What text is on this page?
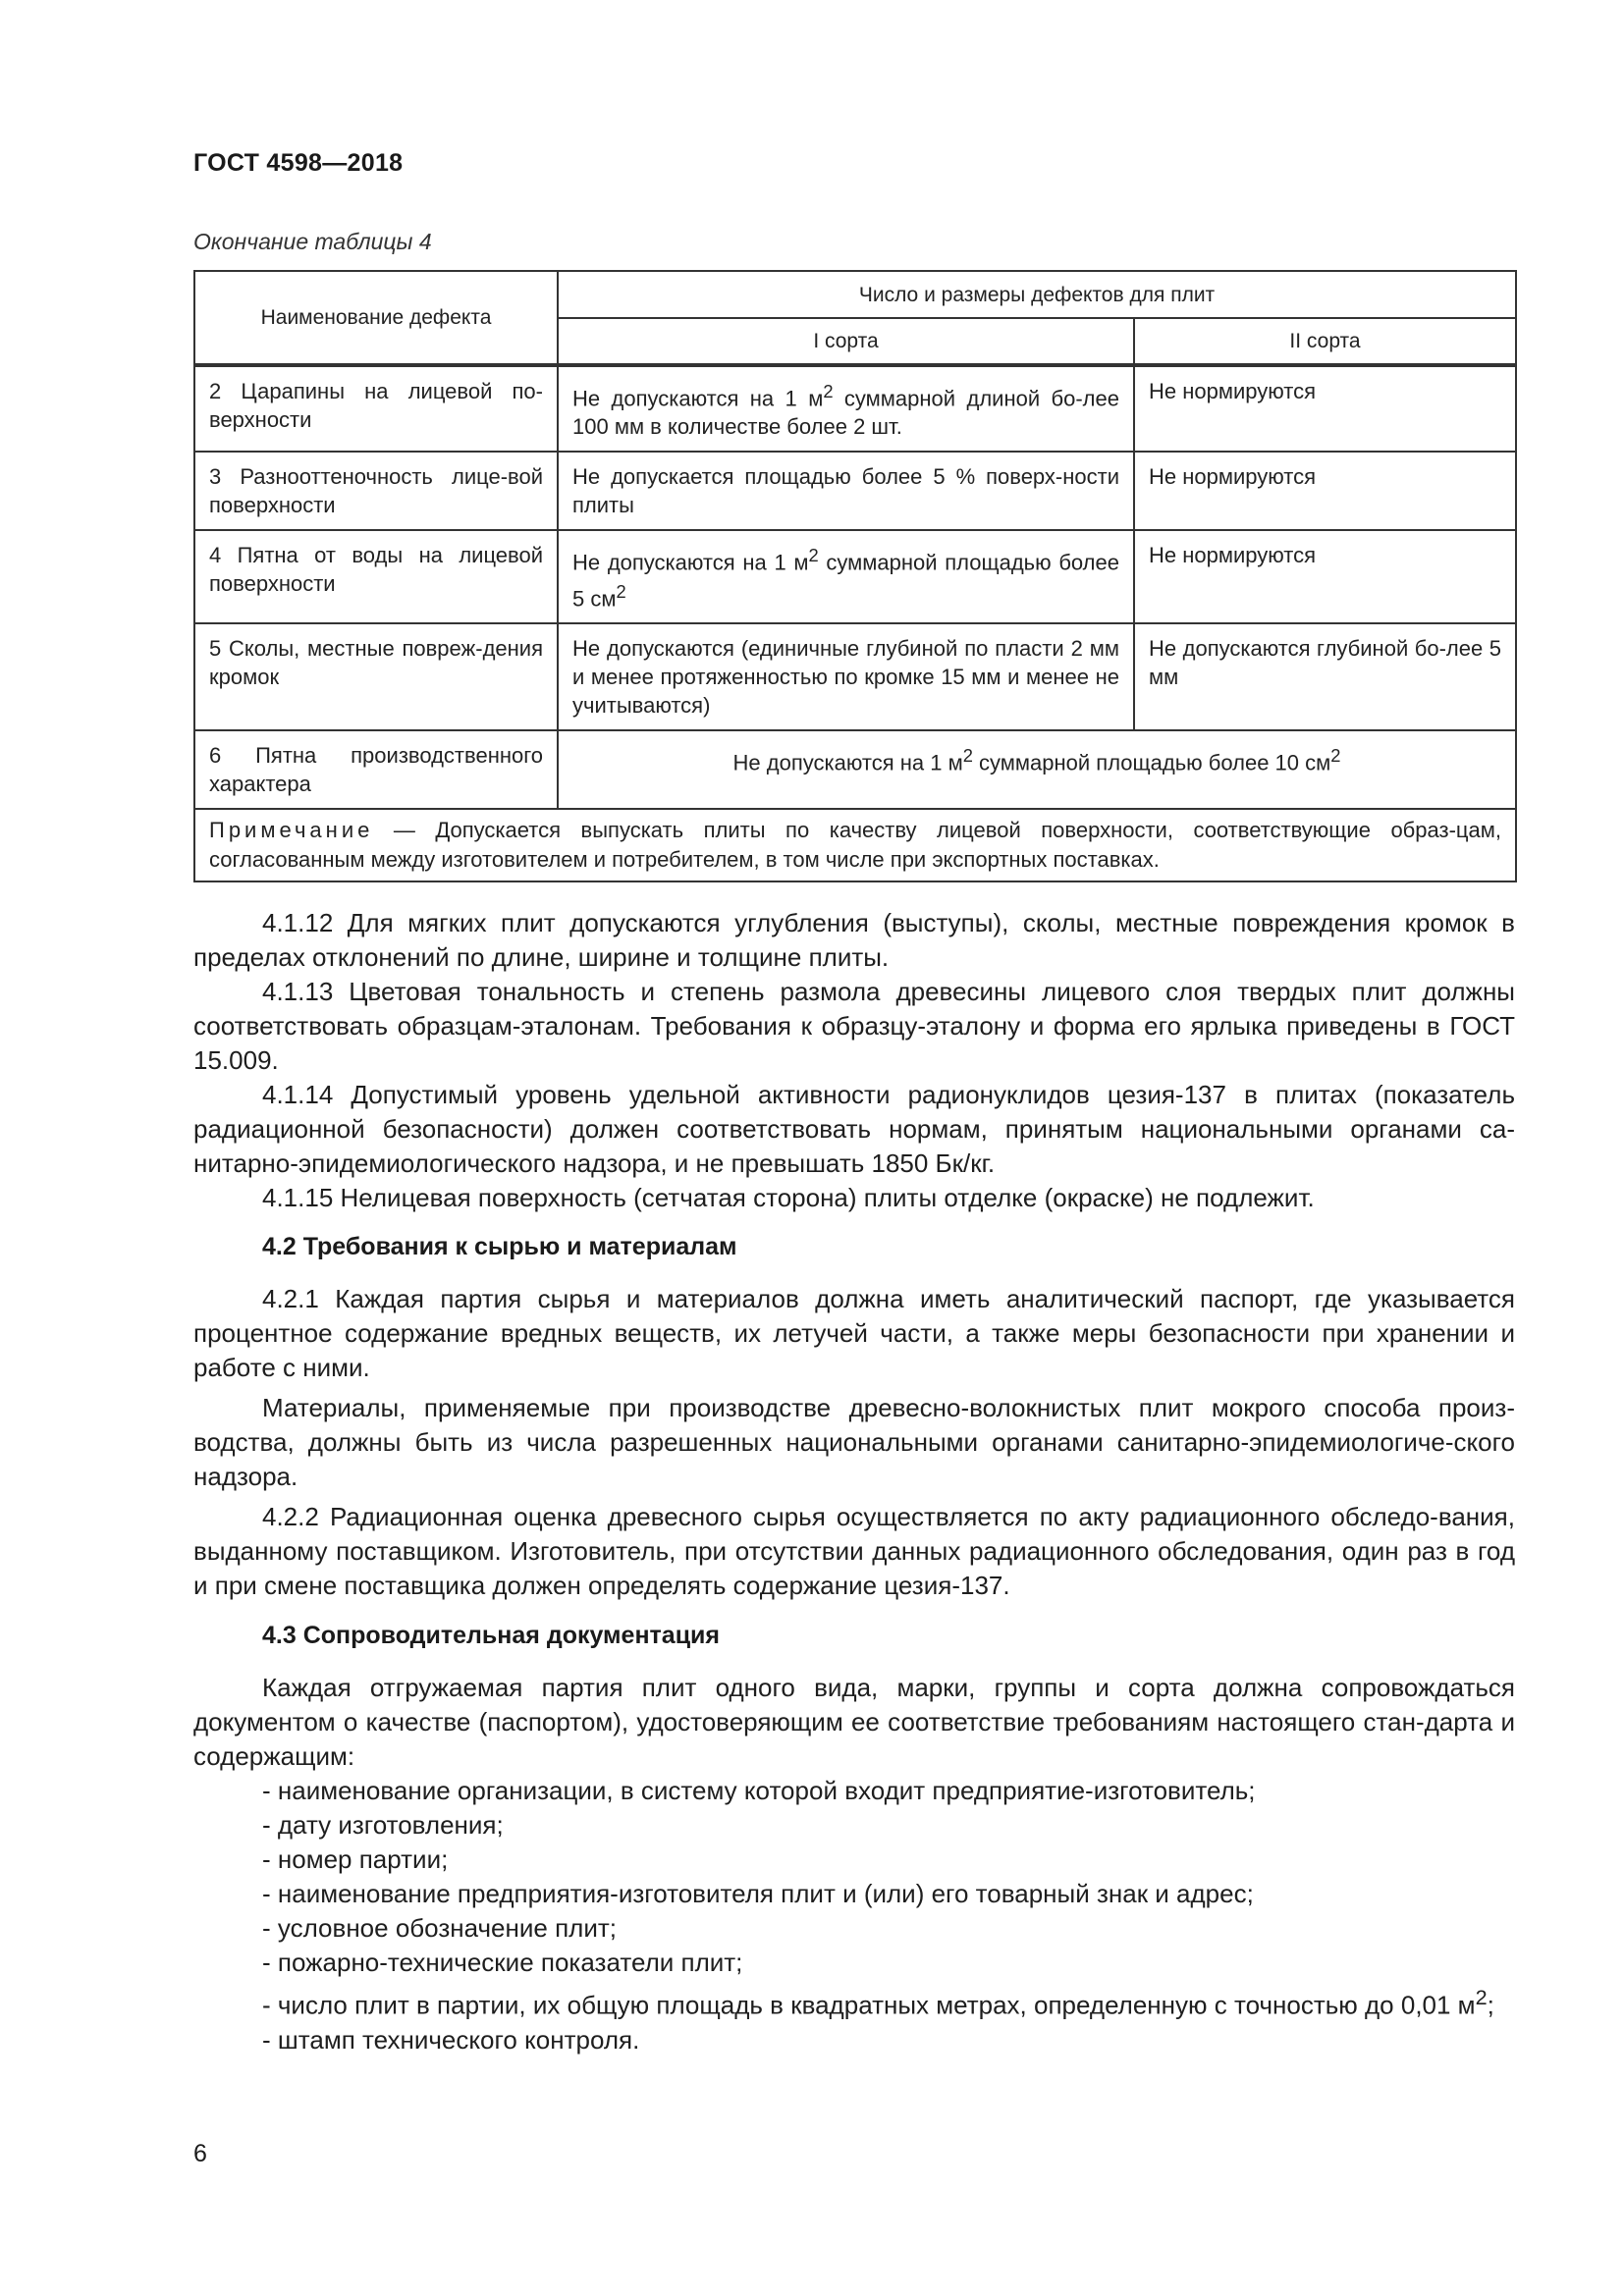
ГОСТ 4598—2018
Окончание таблицы 4
Наименование дефекта	Число и размеры дефектов для плит	
	I сорта	II сорта
2 Царапины на лицевой по-верхности	Не допускаются на 1 $м^2$ суммарной длиной бо-лее 100 мм в количестве более 2 шт.	Не нормируются
3 Разнооттеночность лице-вой поверхности	Не допускается площадью более 5 % поверх-ности плиты	Не нормируются
4 Пятна от воды на лицевой поверхности	Не допускаются на 1 $м^2$ суммарной площадью более 5 $см^2$	Не нормируются
5 Сколы, местные повреж-дения кромок	Не допускаются (единичные глубиной по пласти 2 мм и менее протяженностью по кромке 15 мм и менее не учитываются)	Не допускаются глубиной бо-лее 5 мм
6 Пятна производственного характера	Не допускаются на 1 $м^2$ суммарной площадью более 10 $см^2$
Примечание — Допускается выпускать плиты по качеству лицевой поверхности, соответствующие образ-цам, согласованным между изготовителем и потребителем, в том числе при экспортных поставках.		

4.1.12 Для мягких плит допускаются углубления (выступы), сколы, местные повреждения кромок в пределах отклонений по длине, ширине и толщине плиты.

4.1.13 Цветовая тональность и степень размола древесины лицевого слоя твердых плит должны соответствовать образцам-эталонам. Требования к образцу-эталону и форма его ярлыка приведены в ГОСТ 15.009.

4.1.14 Допустимый уровень удельной активности радионуклидов цезия-137 в плитах (показатель радиационной безопасности) должен соответствовать нормам, принятым национальными органами са-нитарно-эпидемиологического надзора, и не превышать 1850 Бк/кг.

4.1.15 Нелицевая поверхность (сетчатая сторона) плиты отделке (окраске) не подлежит.

4.2 Требования к сырью и материалам

4.2.1 Каждая партия сырья и материалов должна иметь аналитический паспорт, где указывается процентное содержание вредных веществ, их летучей части, а также меры безопасности при хранении и работе с ними.

Материалы, применяемые при производстве древесно-волокнистых плит мокрого способа произ-водства, должны быть из числа разрешенных национальными органами санитарно-эпидемиологиче-ского надзора.

4.2.2 Радиационная оценка древесного сырья осуществляется по акту радиационного обследо-вания, выданному поставщиком. Изготовитель, при отсутствии данных радиационного обследования, один раз в год и при смене поставщика должен определять содержание цезия-137.

4.3 Сопроводительная документация

Каждая отгружаемая партия плит одного вида, марки, группы и сорта должна сопровождаться документом о качестве (паспортом), удостоверяющим ее соответствие требованиям настоящего стан-дарта и содержащим:

- наименование организации, в систему которой входит предприятие-изготовитель;
- дату изготовления;
- номер партии;
- наименование предприятия-изготовителя плит и (или) его товарный знак и адрес;
- условное обозначение плит;
- пожарно-технические показатели плит;
- число плит в партии, их общую площадь в квадратных метрах, определенную с точностью до 0,01 $м^2$;
- штамп технического контроля.
6
